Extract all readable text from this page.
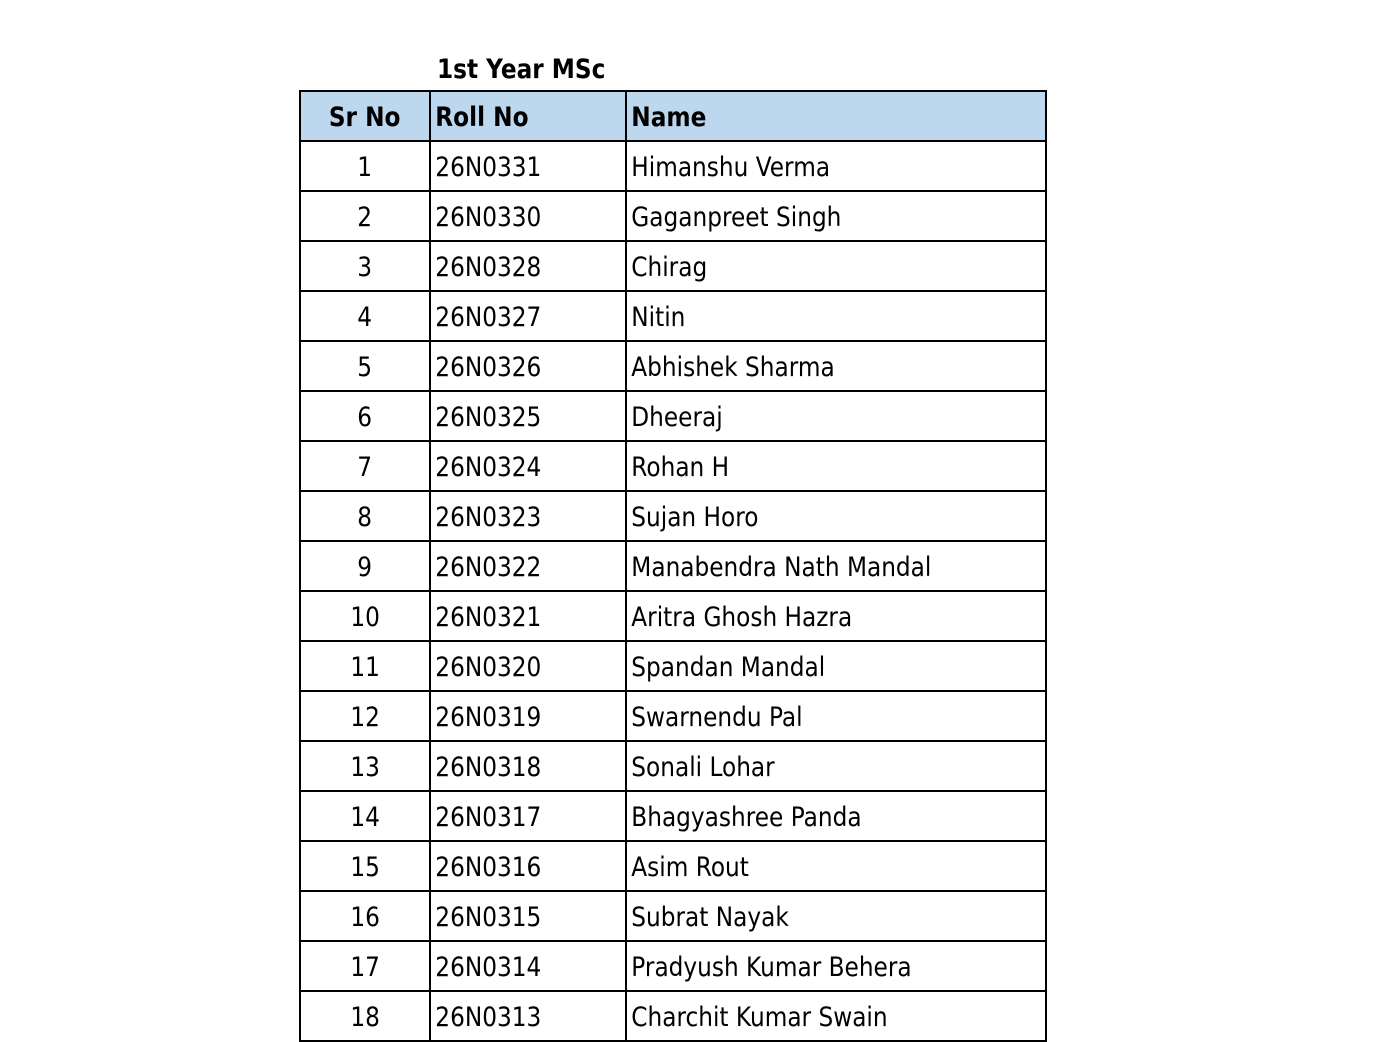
1st Year MSc
Sr No	Roll No	Name
1	26N0331	Himanshu Verma
2	26N0330	Gaganpreet Singh
3	26N0328	Chirag
4	26N0327	Nitin
5	26N0326	Abhishek Sharma
6	26N0325	Dheeraj
7	26N0324	Rohan H
8	26N0323	Sujan Horo
9	26N0322	Manabendra Nath Mandal
10	26N0321	Aritra Ghosh Hazra
11	26N0320	Spandan Mandal
12	26N0319	Swarnendu Pal
13	26N0318	Sonali Lohar
14	26N0317	Bhagyashree Panda
15	26N0316	Asim Rout
16	26N0315	Subrat Nayak
17	26N0314	Pradyush Kumar Behera
18	26N0313	Charchit Kumar Swain
